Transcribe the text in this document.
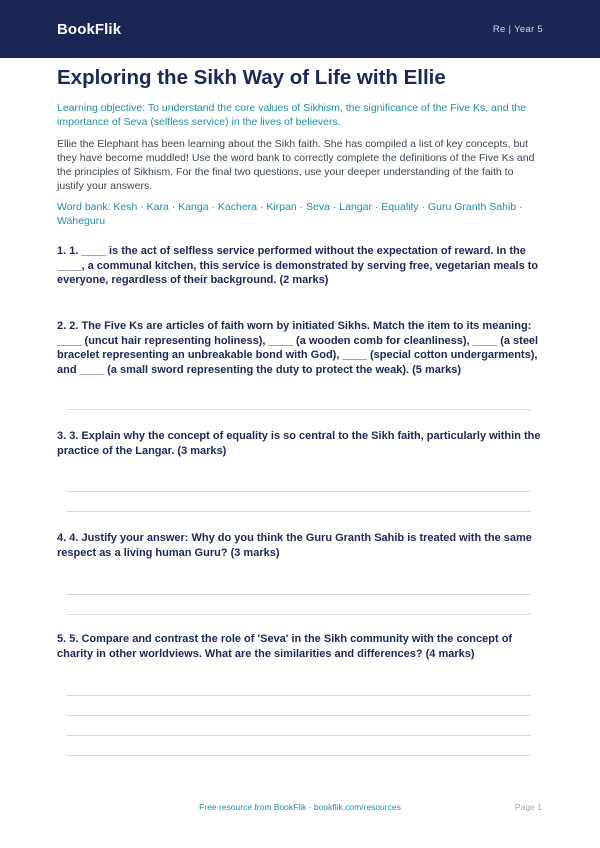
BookFlik	Re | Year 5
Exploring the Sikh Way of Life with Ellie

Learning objective: To understand the core values of Sikhism, the significance of the Five Ks, and the importance of Seva (selfless service) in the lives of believers.

Ellie the Elephant has been learning about the Sikh faith. She has compiled a list of key concepts, but they have become muddled! Use the word bank to correctly complete the definitions of the Five Ks and the principles of Sikhism. For the final two questions, use your deeper understanding of the faith to justify your answers.

Word bank: Kesh · Kara · Kanga · Kachera · Kirpan · Seva · Langar · Equality · Guru Granth Sahib · Waheguru

1. 1. ____ is the act of selfless service performed without the expectation of reward. In the ____, a communal kitchen, this service is demonstrated by serving free, vegetarian meals to everyone, regardless of their background. (2 marks)

2. 2. The Five Ks are articles of faith worn by initiated Sikhs. Match the item to its meaning: ____ (uncut hair representing holiness), ____ (a wooden comb for cleanliness), ____ (a steel bracelet representing an unbreakable bond with God), ____ (special cotton undergarments), and ____ (a small sword representing the duty to protect the weak). (5 marks)

3. 3. Explain why the concept of equality is so central to the Sikh faith, particularly within the practice of the Langar. (3 marks)

4. 4. Justify your answer: Why do you think the Guru Granth Sahib is treated with the same respect as a living human Guru? (3 marks)

5. 5. Compare and contrast the role of 'Seva' in the Sikh community with the concept of charity in other worldviews. What are the similarities and differences? (4 marks)

Free resource from BookFlik · bookflik.com/resources	Page 1
